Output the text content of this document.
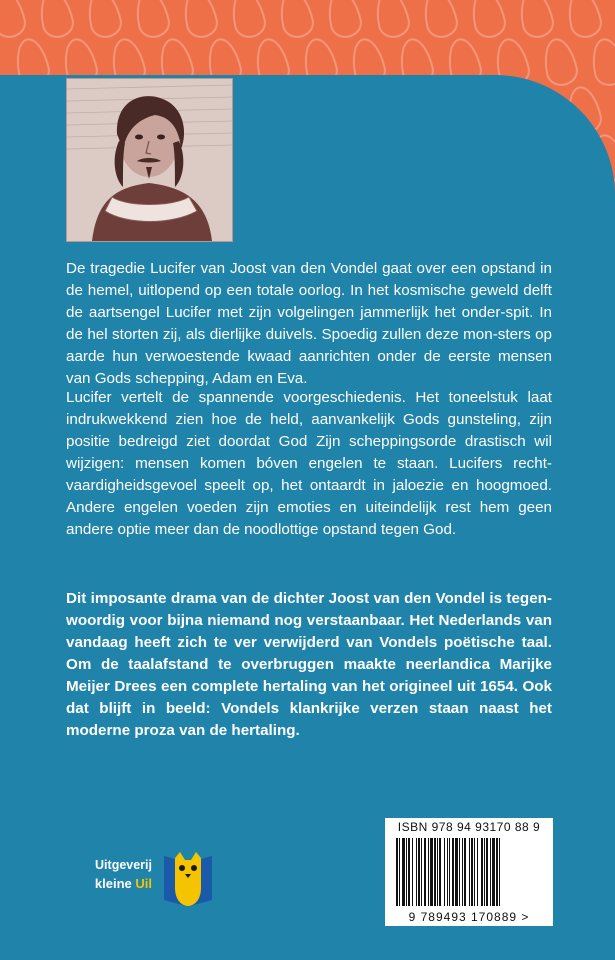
De tragedie Lucifer van Joost van den Vondel gaat over een opstand in de hemel, uitlopend op een totale oorlog. In het kosmische geweld delft de aartsengel Lucifer met zijn volgelingen jammerlijk het onder-spit. In de hel storten zij, als dierlijke duivels. Spoedig zullen deze mon-sters op aarde hun verwoestende kwaad aanrichten onder de eerste mensen van Gods schepping, Adam en Eva.

Lucifer vertelt de spannende voorgeschiedenis. Het toneelstuk laat indrukwekkend zien hoe de held, aanvankelijk Gods gunsteling, zijn positie bedreigd ziet doordat God Zijn scheppingsorde drastisch wil wijzigen: mensen komen bóven engelen te staan. Lucifers recht-vaardigheidsgevoel speelt op, het ontaardt in jaloezie en hoogmoed. Andere engelen voeden zijn emoties en uiteindelijk rest hem geen andere optie meer dan de noodlottige opstand tegen God.

Dit imposante drama van de dichter Joost van den Vondel is tegen-woordig voor bijna niemand nog verstaanbaar. Het Nederlands van vandaag heeft zich te ver verwijderd van Vondels poëtische taal. Om de taalafstand te overbruggen maakte neerlandica Marijke Meijer Drees een complete hertaling van het origineel uit 1654. Ook dat blijft in beeld: Vondels klankrijke verzen staan naast het moderne proza van de hertaling.

Uitgeverij
kleine Uil
ISBN 978 94 93170 88 9
9 789493 170889 >
